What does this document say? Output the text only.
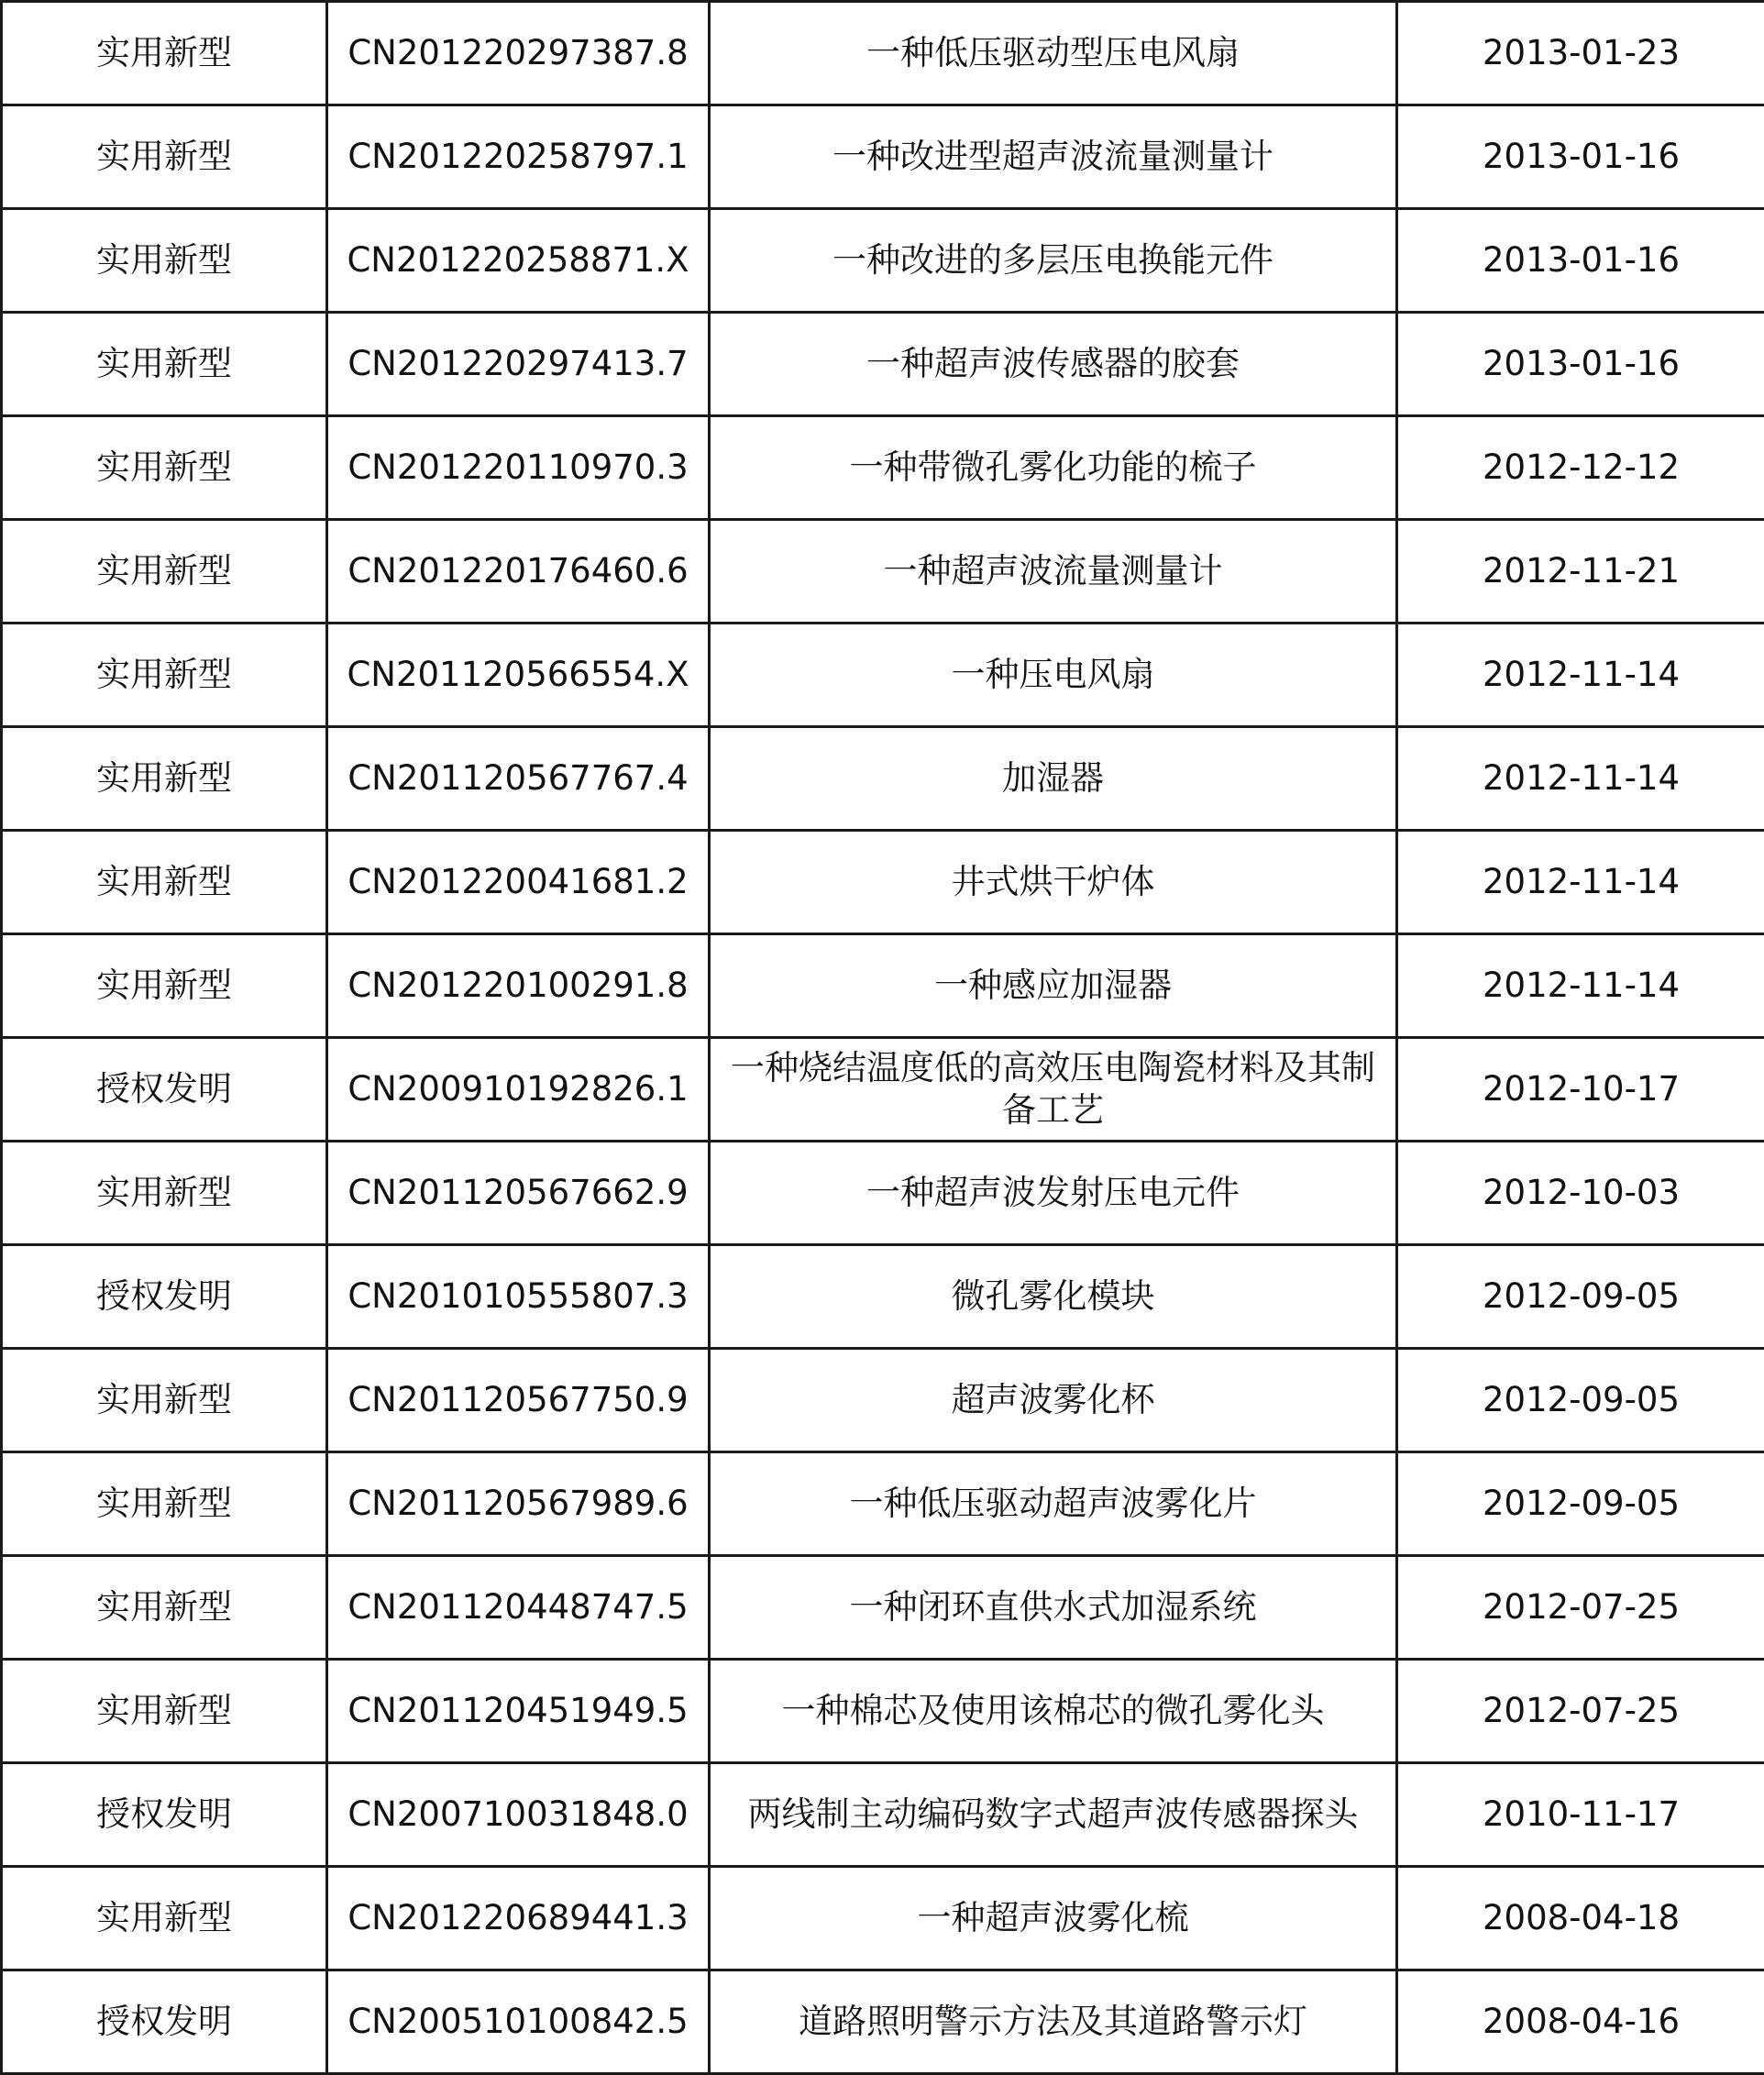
实用新型	CN201220297387.8	一种低压驱动型压电风扇	2013-01-23
实用新型	CN201220258797.1	一种改进型超声波流量测量计	2013-01-16
实用新型	CN201220258871.X	一种改进的多层压电换能元件	2013-01-16
实用新型	CN201220297413.7	一种超声波传感器的胶套	2013-01-16
实用新型	CN201220110970.3	一种带微孔雾化功能的梳子	2012-12-12
实用新型	CN201220176460.6	一种超声波流量测量计	2012-11-21
实用新型	CN201120566554.X	一种压电风扇	2012-11-14
实用新型	CN201120567767.4	加湿器	2012-11-14
实用新型	CN201220041681.2	井式烘干炉体	2012-11-14
实用新型	CN201220100291.8	一种感应加湿器	2012-11-14
授权发明	CN200910192826.1	一种烧结温度低的高效压电陶瓷材料及其制备工艺	2012-10-17
实用新型	CN201120567662.9	一种超声波发射压电元件	2012-10-03
授权发明	CN201010555807.3	微孔雾化模块	2012-09-05
实用新型	CN201120567750.9	超声波雾化杯	2012-09-05
实用新型	CN201120567989.6	一种低压驱动超声波雾化片	2012-09-05
实用新型	CN201120448747.5	一种闭环直供水式加湿系统	2012-07-25
实用新型	CN201120451949.5	一种棉芯及使用该棉芯的微孔雾化头	2012-07-25
授权发明	CN200710031848.0	两线制主动编码数字式超声波传感器探头	2010-11-17
实用新型	CN201220689441.3	一种超声波雾化梳	2008-04-18
授权发明	CN200510100842.5	道路照明警示方法及其道路警示灯	2008-04-16
